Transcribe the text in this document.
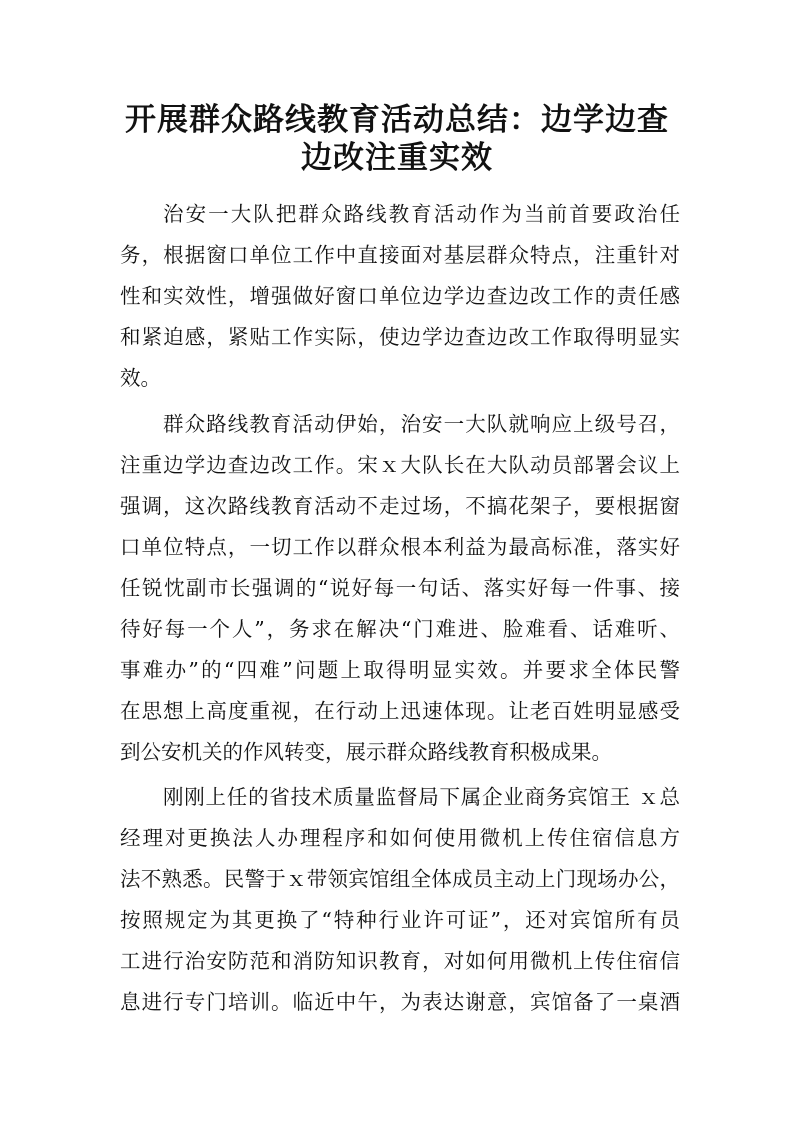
开展群众路线教育活动总结：边学边查
边改注重实效
治安一大队把群众路线教育活动作为当前首要政治任
务，根据窗口单位工作中直接面对基层群众特点，注重针对
性和实效性，增强做好窗口单位边学边查边改工作的责任感
和紧迫感，紧贴工作实际，使边学边查边改工作取得明显实
效。
群众路线教育活动伊始，治安一大队就响应上级号召，
注重边学边查边改工作。宋ｘ大队长在大队动员部署会议上
强调，这次路线教育活动不走过场，不搞花架子，要根据窗
口单位特点，一切工作以群众根本利益为最高标准，落实好
任锐忱副市长强调的“说好每一句话、落实好每一件事、接
待好每一个人”，务求在解决“门难进、脸难看、话难听、
事难办”的“四难”问题上取得明显实效。并要求全体民警
在思想上高度重视，在行动上迅速体现。让老百姓明显感受
到公安机关的作风转变，展示群众路线教育积极成果。
刚刚上任的省技术质量监督局下属企业商务宾馆王 ｘ总
经理对更换法人办理程序和如何使用微机上传住宿信息方
法不熟悉。民警于ｘ带领宾馆组全体成员主动上门现场办公，
按照规定为其更换了“特种行业许可证”，还对宾馆所有员
工进行治安防范和消防知识教育，对如何用微机上传住宿信
息进行专门培训。临近中午，为表达谢意，宾馆备了一桌酒
